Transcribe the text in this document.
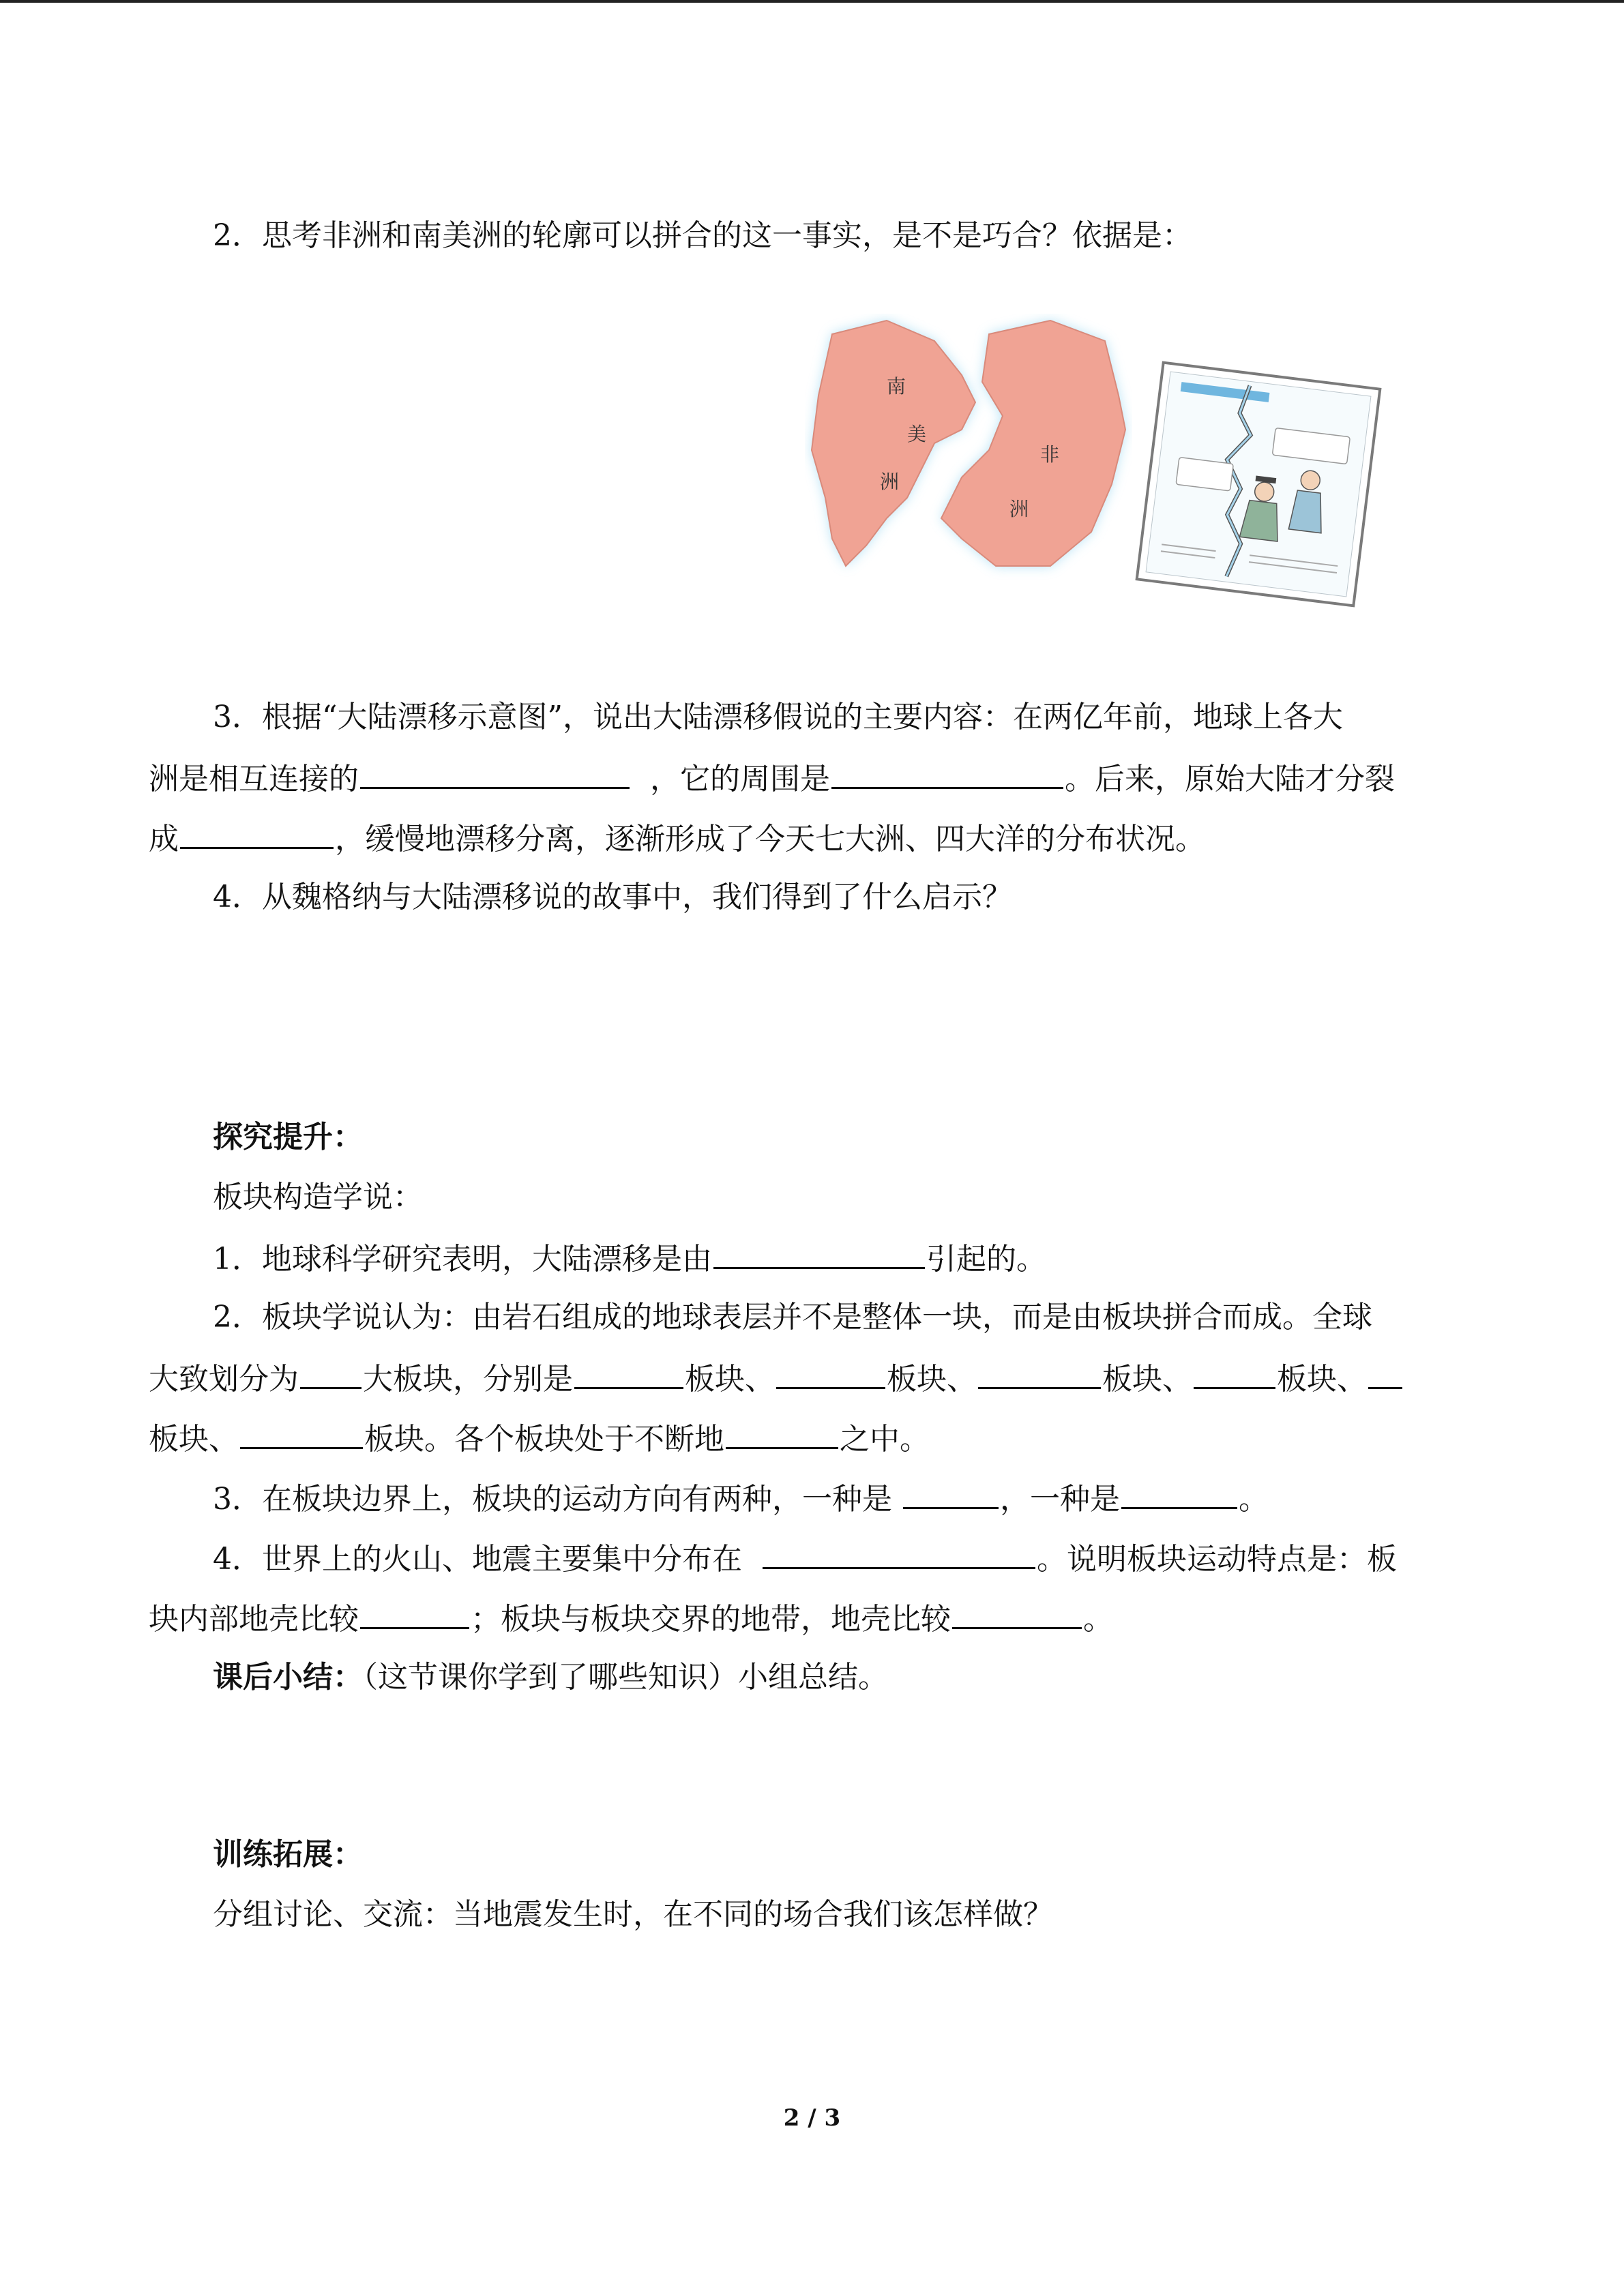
2．思考非洲和南美洲的轮廓可以拼合的这一事实，是不是巧合？依据是：
南
美
洲
非
洲
3．根据“大陆漂移示意图”，说出大陆漂移假说的主要内容：在两亿年前，地球上各大
洲是相互连接的	，它的周围是	。后来，原始大陆才分裂
成	，缓慢地漂移分离，逐渐形成了今天七大洲、四大洋的分布状况。
4．从魏格纳与大陆漂移说的故事中，我们得到了什么启示？
探究提升：
板块构造学说：
1．地球科学研究表明，大陆漂移是由	引起的。
2．板块学说认为：由岩石组成的地球表层并不是整体一块，而是由板块拼合而成。全球
大致划分为 大板块，分别是	板块、	板块、	板块、	板块、
板块、	板块。各个板块处于不断地	之中。
3．在板块边界上，板块的运动方向有两种，一种是	，一种是	。
4．世界上的火山、地震主要集中分布在	。说明板块运动特点是：板
块内部地壳比较	；板块与板块交界的地带，地壳比较	。
课后小结：（这节课你学到了哪些知识）小组总结。
训练拓展：
分组讨论、交流：当地震发生时，在不同的场合我们该怎样做？
2 / 3
